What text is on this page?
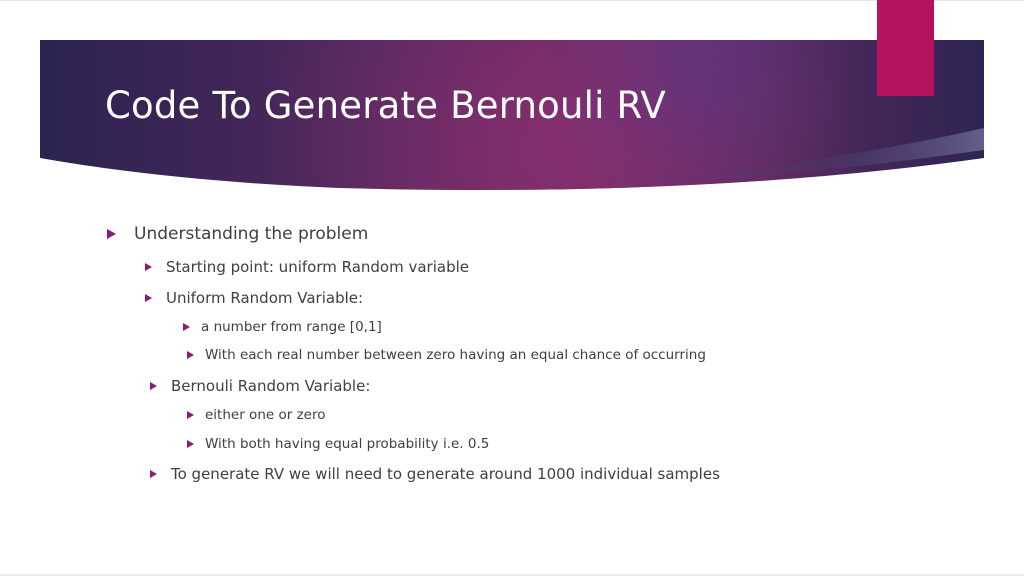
Code To Generate Bernouli RV
Understanding the problem
Starting point: uniform Random variable
Uniform Random Variable:
a number from range [0,1]
With each real number between zero having an equal chance of occurring
Bernouli Random Variable:
either one or zero
With both having equal probability i.e. 0.5
To generate RV we will need to generate around 1000 individual samples
